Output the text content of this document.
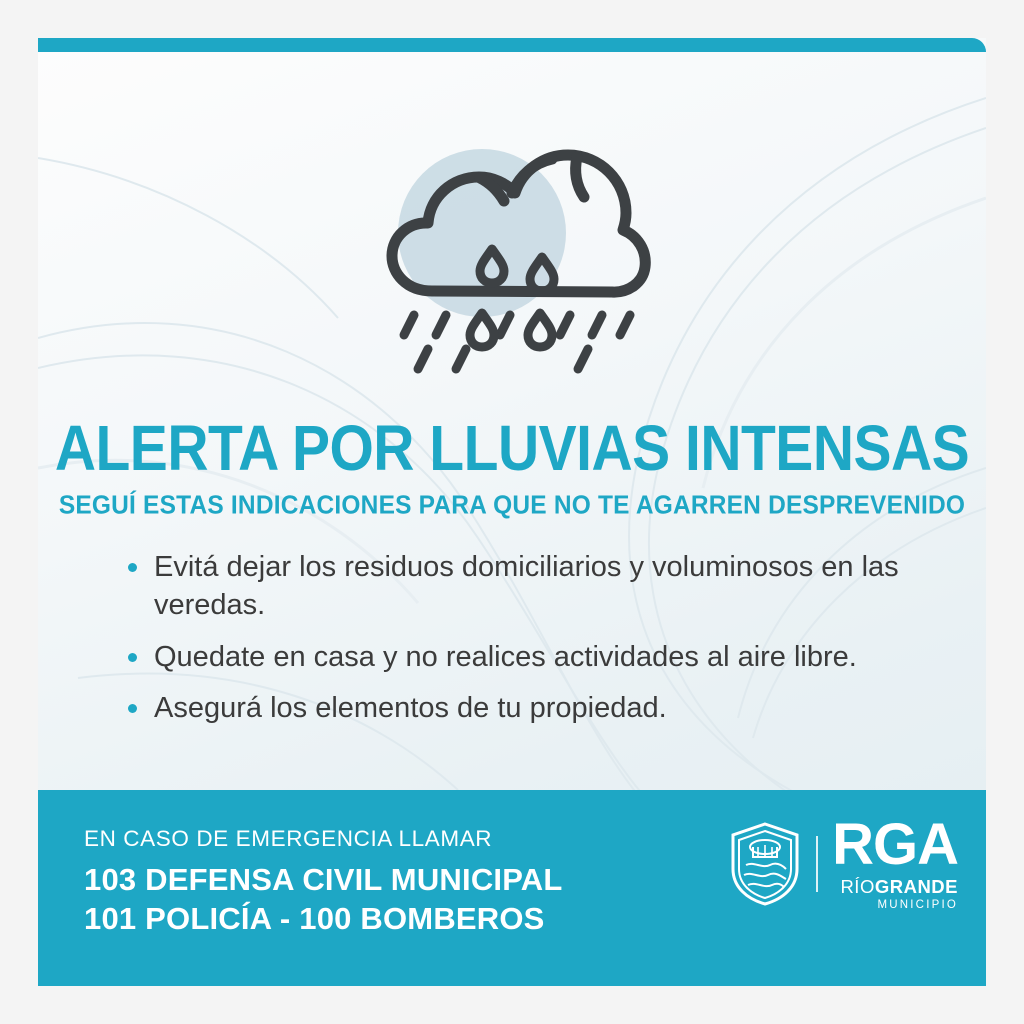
ALERTA POR LLUVIAS INTENSAS

SEGUÍ ESTAS INDICACIONES PARA QUE NO TE AGARREN DESPREVENIDO

Evitá dejar los residuos domiciliarios y voluminosos en las veredas.
Quedate en casa y no realices actividades al aire libre.
Asegurá los elementos de tu propiedad.

EN CASO DE EMERGENCIA LLAMAR

103 DEFENSA CIVIL MUNICIPAL

101 POLICÍA - 100 BOMBEROS

RGA
RÍOGRANDE
MUNICIPIO
